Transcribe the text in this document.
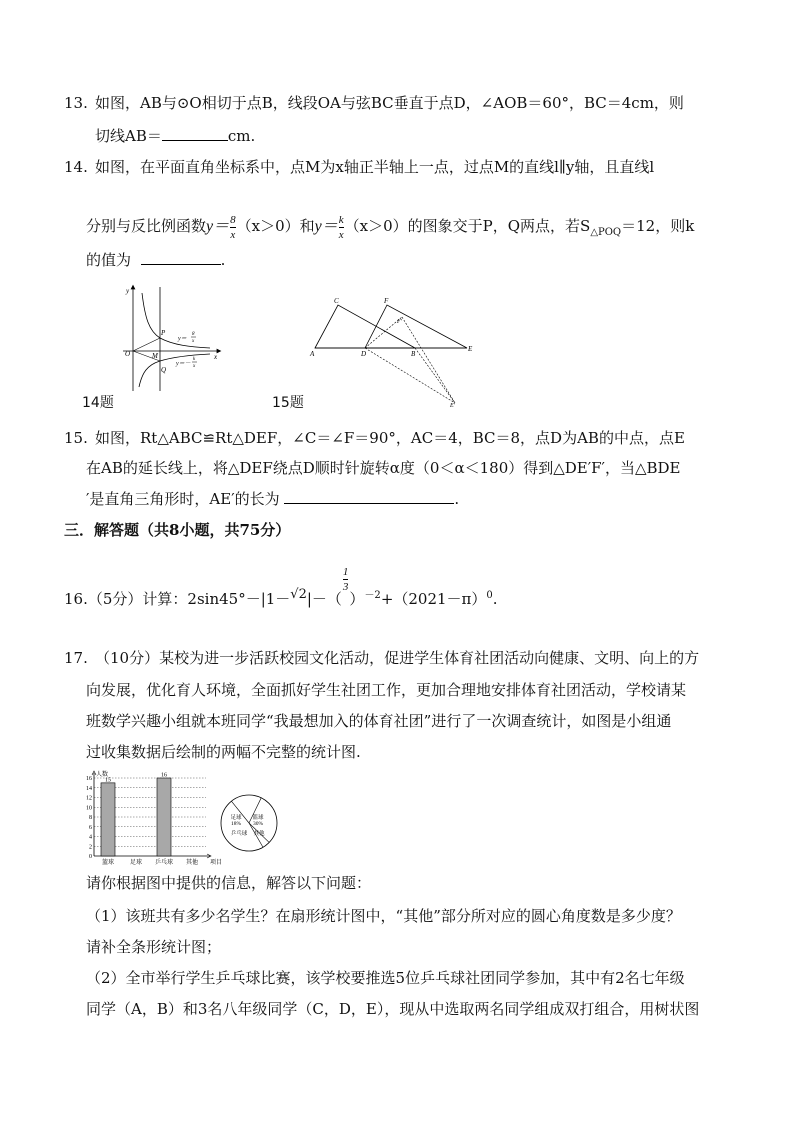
13. 如图，AB与⊙O相切于点B，线段OA与弦BC垂直于点D，∠AOB＝60°，BC＝4cm，则
切线AB＝	cm.
14. 如图，在平面直角坐标系中，点M为x轴正半轴上一点，过点M的直线l∥y轴，且直线l
分别与反比例函数$y= \frac{8}{x} (x>0)$和$y= \frac{k}{x} (x>0)$的图象交于P，Q两点，若$S_{\triangle POQ}=12$，则k
的值为	.
y
x
O	M
P
Q
y＝
8
x
y＝－
k
x
A	B
C
D
E
F
F′
E′
14题	15题
15. 如图，Rt△ABC≌Rt△DEF，∠C＝∠F＝90°，AC＝4，BC＝8，点D为AB的中点，点E
在AB的延长线上，将△DEF绕点D顺时针旋转α度（0＜α＜180）得到△DE′F′，当△BDE
′是直角三角形时，AE′的长为	.
三．解答题（共8小题，共75分）
16.（5分）计算：2sin45°－|1－√2|－（
$\frac{1}{3}$
）$^{-2}+(2021-\pi)^0$.
17. （10分）某校为进一步活跃校园文化活动，促进学生体育社团活动向健康、文明、向上的方
向发展，优化育人环境，全面抓好学生社团工作，更加合理地安排体育社团活动，学校请某
班数学兴趣小组就本班同学“我最想加入的体育社团”进行了一次调查统计，如图是小组通
过收集数据后绘制的两幅不完整的统计图.
0
2
4
6
8
10
12
14
16
人数
项目
15
篮球	足球
16
乒乓球 其他
足球
18%
篮球
30%
乒乓球 其他
请你根据图中提供的信息，解答以下问题：
（1）该班共有多少名学生？在扇形统计图中，“其他”部分所对应的圆心角度数是多少度？
请补全条形统计图；
（2）全市举行学生乒乓球比赛，该学校要推选5位乒乓球社团同学参加，其中有2名七年级
同学（A，B）和3名八年级同学（C，D，E），现从中选取两名同学组成双打组合，用树状图
